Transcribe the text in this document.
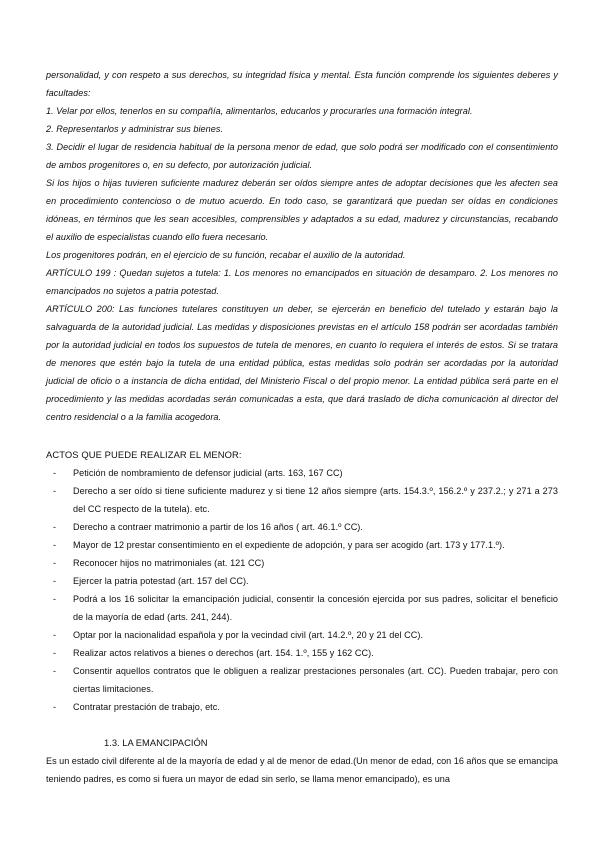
personalidad, y con respeto a sus derechos, su integridad física y mental. Esta función comprende los siguientes deberes y facultades:

1. Velar por ellos, tenerlos en su compañía, alimentarlos, educarlos y procurarles una formación integral.

2. Representarlos y administrar sus bienes.

3. Decidir el lugar de residencia habitual de la persona menor de edad, que solo podrá ser modificado con el consentimiento de ambos progenitores o, en su defecto, por autorización judicial.

Si los hijos o hijas tuvieren suficiente madurez deberán ser oídos siempre antes de adoptar decisiones que les afecten sea en procedimiento contencioso o de mutuo acuerdo. En todo caso, se garantizará que puedan ser oídas en condiciones idóneas, en términos que les sean accesibles, comprensibles y adaptados a su edad, madurez y circunstancias, recabando el auxilio de especialistas cuando ello fuera necesario.

Los progenitores podrán, en el ejercicio de su función, recabar el auxilio de la autoridad.

ARTÍCULO 199 : Quedan sujetos a tutela: 1. Los menores no emancipados en situación de desamparo. 2. Los menores no emancipados no sujetos a patria potestad.

ARTÍCULO 200: Las funciones tutelares constituyen un deber, se ejercerán en beneficio del tutelado y estarán bajo la salvaguarda de la autoridad judicial. Las medidas y disposiciones previstas en el artículo 158 podrán ser acordadas también por la autoridad judicial en todos los supuestos de tutela de menores, en cuanto lo requiera el interés de estos. Si se tratara de menores que estén bajo la tutela de una entidad pública, estas medidas solo podrán ser acordadas por la autoridad judicial de oficio o a instancia de dicha entidad, del Ministerio Fiscal o del propio menor. La entidad pública será parte en el procedimiento y las medidas acordadas serán comunicadas a esta, que dará traslado de dicha comunicación al director del centro residencial o a la familia acogedora.

ACTOS QUE PUEDE REALIZAR EL MENOR:
- Petición de nombramiento de defensor judicial (arts. 163, 167 CC)
- Derecho a ser oído si tiene suficiente madurez y si tiene 12 años siempre (arts. 154.3.º, 156.2.º y 237.2.; y 271 a 273 del CC respecto de la tutela). etc.
- Derecho a contraer matrimonio a partir de los 16 años ( art. 46.1.º CC).
- Mayor de 12 prestar consentimiento en el expediente de adopción, y para ser acogido (art. 173 y 177.1.º).
- Reconocer hijos no matrimoniales (at. 121 CC)
- Ejercer la patria potestad (art. 157 del CC).
- Podrá a los 16 solicitar la emancipación judicial, consentir la concesión ejercida por sus padres, solicitar el beneficio de la mayoría de edad (arts. 241, 244).
- Optar por la nacionalidad española y por la vecindad civil (art. 14.2.º, 20 y 21 del CC).
- Realizar actos relativos a bienes o derechos (art. 154. 1.º, 155 y 162 CC).
- Consentir aquellos contratos que le obliguen a realizar prestaciones personales (art. CC). Pueden trabajar, pero con ciertas limitaciones.
- Contratar prestación de trabajo, etc.
1.3. LA EMANCIPACIÓN

Es un estado civil diferente al de la mayoría de edad y al de menor de edad.(Un menor de edad, con 16 años que se emancipa teniendo padres, es como si fuera un mayor de edad sin serlo, se llama menor emancipado), es una
